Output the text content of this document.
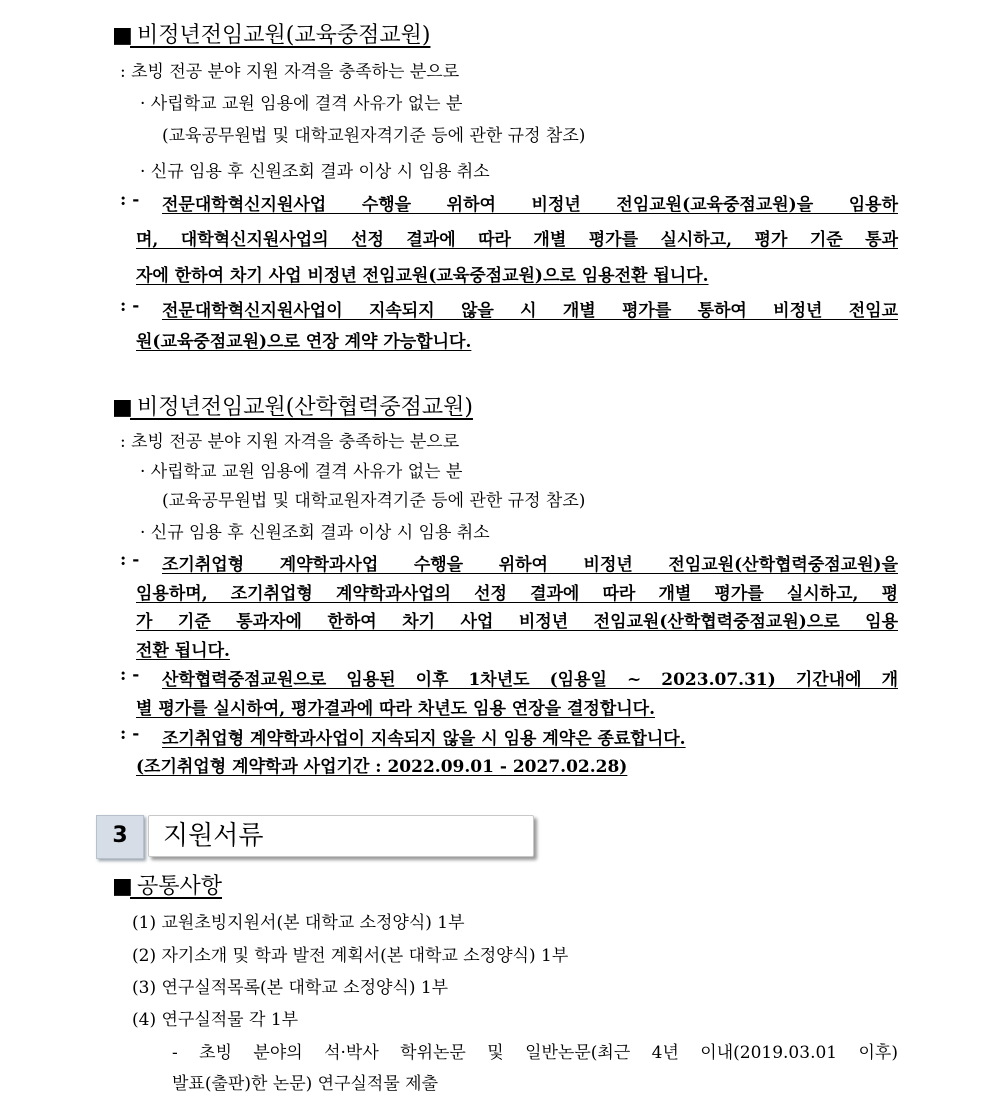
■ 비정년전임교원(교육중점교원)
: 초빙 전공 분야 지원 자격을 충족하는 분으로
· 사립학교 교원 임용에 결격 사유가 없는 분
(교육공무원법 및 대학교원자격기준 등에 관한 규정 참조)
· 신규 임용 후 신원조회 결과 이상 시 임용 취소
: - 전문대학혁신지원사업 수행을 위하여 비정년 전임교원(교육중점교원)을 임용하
며, 대학혁신지원사업의 선정 결과에 따라 개별 평가를 실시하고, 평가 기준 통과
자에 한하여 차기 사업 비정년 전임교원(교육중점교원)으로 임용전환 됩니다.
: - 전문대학혁신지원사업이 지속되지 않을 시 개별 평가를 통하여 비정년 전임교
원(교육중점교원)으로 연장 계약 가능합니다.
■ 비정년전임교원(산학협력중점교원)
: 초빙 전공 분야 지원 자격을 충족하는 분으로
· 사립학교 교원 임용에 결격 사유가 없는 분
(교육공무원법 및 대학교원자격기준 등에 관한 규정 참조)
· 신규 임용 후 신원조회 결과 이상 시 임용 취소
: - 조기취업형 계약학과사업 수행을 위하여 비정년 전임교원(산학협력중점교원)을
임용하며, 조기취업형 계약학과사업의 선정 결과에 따라 개별 평가를 실시하고, 평
가 기준 통과자에 한하여 차기 사업 비정년 전임교원(산학협력중점교원)으로 임용
전환 됩니다.
: - 산학협력중점교원으로 임용된 이후 1차년도 (임용일 ~ 2023.07.31) 기간내에 개
별 평가를 실시하여, 평가결과에 따라 차년도 임용 연장을 결정합니다.
: - 조기취업형 계약학과사업이 지속되지 않을 시 임용 계약은 종료합니다.
(조기취업형 계약학과 사업기간 : 2022.09.01 - 2027.02.28)
3	지원서류
■ 공통사항
(1) 교원초빙지원서(본 대학교 소정양식) 1부
(2) 자기소개 및 학과 발전 계획서(본 대학교 소정양식) 1부
(3) 연구실적목록(본 대학교 소정양식) 1부
(4) 연구실적물 각 1부
- 초빙 분야의 석·박사 학위논문 및 일반논문(최근 4년 이내(2019.03.01 이후)
발표(출판)한 논문) 연구실적물 제출
